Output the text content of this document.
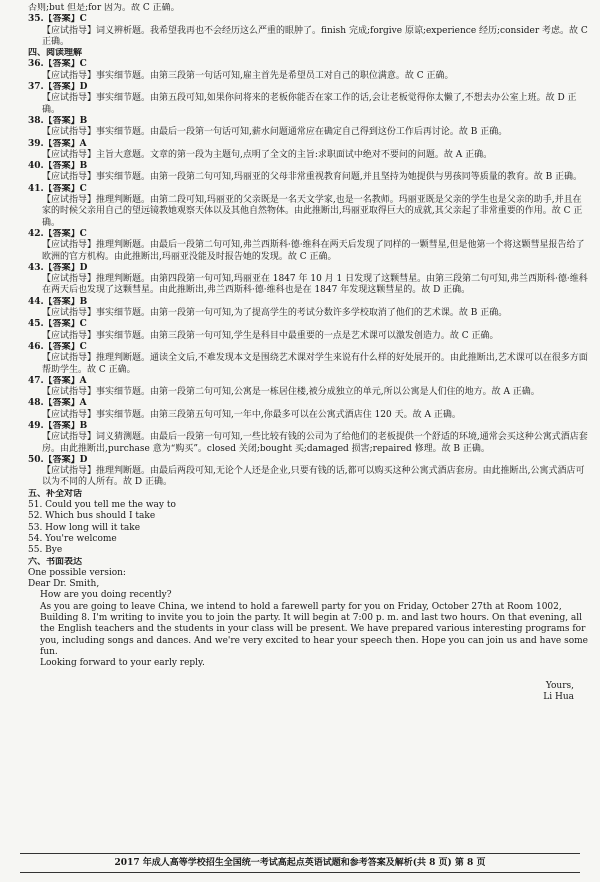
否则;but 但是;for 因为。故 C 正确。
35.【答案】C
【应试指导】词义辨析题。我希望我再也不会经历这么严重的眼肿了。finish 完成;forgive 原谅;experience 经历;consider 考虑。故 C 正确。
四、阅读理解
36.【答案】C
【应试指导】事实细节题。由第三段第一句话可知,雇主首先是希望员工对自己的职位满意。故 C 正确。
37.【答案】D
【应试指导】事实细节题。由第五段可知,如果你问将来的老板你能否在家工作的话,会让老板觉得你太懒了,不想去办公室上班。故 D 正确。
38.【答案】B
【应试指导】事实细节题。由最后一段第一句话可知,薪水问题通常应在确定自己得到这份工作后再讨论。故 B 正确。
39.【答案】A
【应试指导】主旨大意题。文章的第一段为主题句,点明了全文的主旨:求职面试中绝对不要问的问题。故 A 正确。
40.【答案】B
【应试指导】事实细节题。由第一段第二句可知,玛丽亚的父母非常重视教育问题,并且坚持为她提供与男孩同等质量的教育。故 B 正确。
41.【答案】C
【应试指导】推理判断题。由第二段可知,玛丽亚的父亲既是一名天文学家,也是一名教师。玛丽亚既是父亲的学生也是父亲的助手,并且在家的时候父亲用自己的望远镜教她观察天体以及其他自然物体。由此推断出,玛丽亚取得巨大的成就,其父亲起了非常重要的作用。故 C 正确。
42.【答案】C
【应试指导】推理判断题。由最后一段第二句可知,弗兰西斯科·德·维科在两天后发现了同样的一颗彗星,但是他第一个将这颗彗星报告给了欧洲的官方机构。由此推断出,玛丽亚没能及时报告她的发现。故 C 正确。
43.【答案】D
【应试指导】推理判断题。由第四段第一句可知,玛丽亚在 1847 年 10 月 1 日发现了这颗彗星。由第三段第二句可知,弗兰西斯科·德·维科在两天后也发现了这颗彗星。由此推断出,弗兰西斯科·德·维科也是在 1847 年发现这颗彗星的。故 D 正确。
44.【答案】B
【应试指导】事实细节题。由第一段第一句可知,为了提高学生的考试分数许多学校取消了他们的艺术课。故 B 正确。
45.【答案】C
【应试指导】事实细节题。由第三段第一句可知,学生是科目中最重要的一点是艺术课可以激发创造力。故 C 正确。
46.【答案】C
【应试指导】推理判断题。通读全文后,不难发现本文是围绕艺术课对学生来说有什么样的好处展开的。由此推断出,艺术课可以在很多方面帮助学生。故 C 正确。
47.【答案】A
【应试指导】事实细节题。由第一段第二句可知,公寓是一栋居住楼,被分成独立的单元,所以公寓是人们住的地方。故 A 正确。
48.【答案】A
【应试指导】事实细节题。由第三段第五句可知,一年中,你最多可以在公寓式酒店住 120 天。故 A 正确。
49.【答案】B
【应试指导】词义猜测题。由最后一段第一句可知,一些比较有钱的公司为了给他们的老板提供一个舒适的环境,通常会买这种公寓式酒店套房。由此推断出,purchase 意为“购买”。closed 关闭;bought 买;damaged 损害;repaired 修理。故 B 正确。
50.【答案】D
【应试指导】推理判断题。由最后两段可知,无论个人还是企业,只要有钱的话,都可以购买这种公寓式酒店套房。由此推断出,公寓式酒店可以为不同的人所有。故 D 正确。
五、补全对话
51. Could you tell me the way to
52. Which bus should I take
53. How long will it take
54. You're welcome
55. Bye
六、书面表达
One possible version:
Dear Dr. Smith,
How are you doing recently?
As you are going to leave China, we intend to hold a farewell party for you on Friday, October 27th at Room 1002, Building 8. I'm writing to invite you to join the party. It will begin at 7:00 p. m. and last two hours. On that evening, all the English teachers and the students in your class will be present. We have prepared various interesting programs for you, including songs and dances. And we're very excited to hear your speech then. Hope you can join us and have some fun.
Looking forward to your early reply.

Yours,
Li Hua
2017 年成人高等学校招生全国统一考试高起点英语试题和参考答案及解析(共 8 页) 第 8 页
